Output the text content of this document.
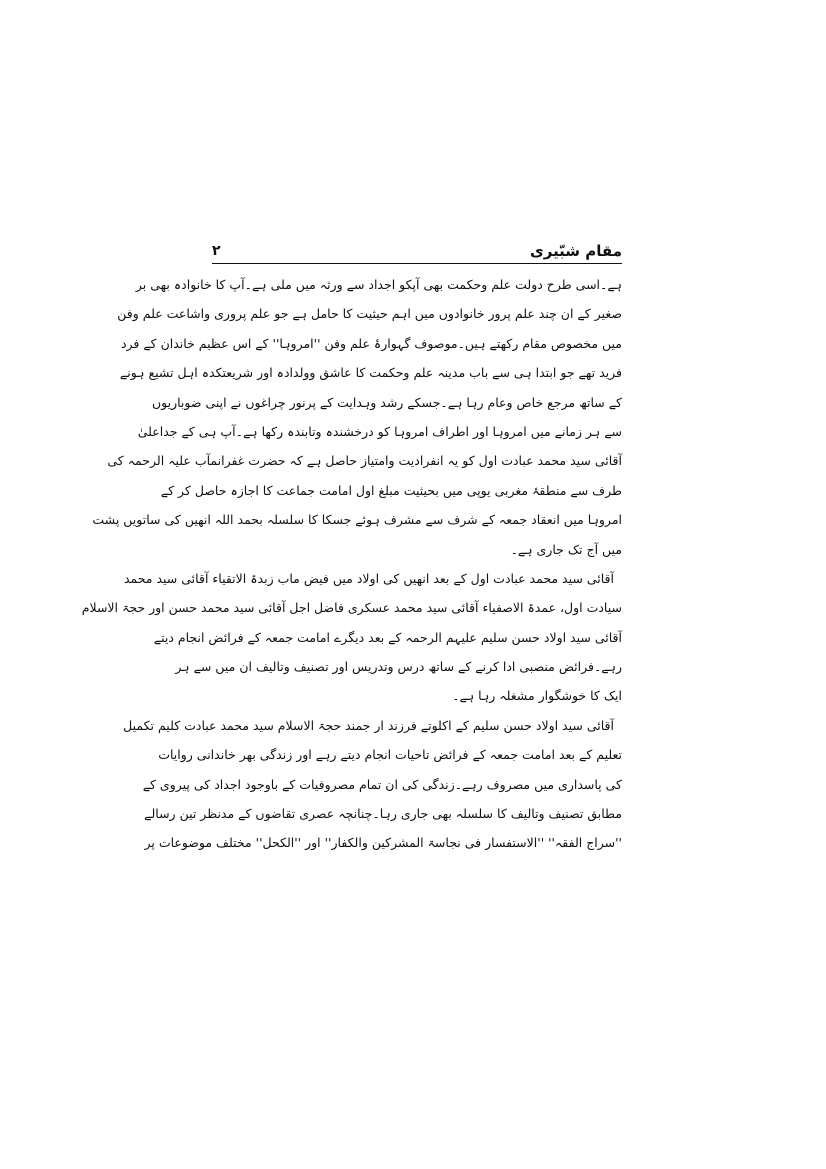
مقام شبّیری
۲
ہے۔اسی طرح دولت علم وحکمت بھی آپکو اجداد سے ورثہ میں ملی ہے۔آپ کا خانوادہ بھی بر
صغیر کے ان چند علم پرور خانوادوں میں اہم حیثیت کا حامل ہے جو علم پروری واشاعت علم وفن
میں مخصوص مقام رکھتے ہیں۔موصوف گہوارۂ علم وفن ''امروہا'' کے اس عظیم خاندان کے فرد
فرید تھے جو ابتدا ہی سے باب مدینہ علم وحکمت کا عاشق وولدادہ اور شریعتکدہ اہل تشیع ہونے
کے ساتھ مرجع خاص وعام رہا ہے۔جسکے رشد وہدایت کے پرنور چراغوں نے اپنی ضوباریوں
سے ہر زمانے میں امروہا اور اطراف امروہا کو درخشندہ وتابندہ رکھا ہے۔آپ ہی کے جداعلیٰ
آقائی سید محمد عبادت اول کو یہ انفرادیت وامتیاز حاصل ہے کہ حضرت غفرانمآب علیہ الرحمہ کی
طرف سے منطقۂ مغربی یوپی میں بحیثیت مبلغ اول امامت جماعت کا اجازہ حاصل کر کے
امروہا میں انعقاد جمعہ کے شرف سے مشرف ہوئے جسکا کا سلسلہ بحمد اللہ انھیں کی ساتویں پشت
میں آج تک جاری ہے۔
آقائی سید محمد عبادت اول کے بعد انھیں کی اولاد میں فیض ماب زبدۃ الاتقیاء آقائی سید محمد
سیادت اول، عمدۃ الاصفیاء آقائی سید محمد عسکری فاضل اجل آقائی سید محمد حسن اور حجۃ الاسلام
آقائی سید اولاد حسن سلیم علیہم الرحمہ کے بعد دیگرے امامت جمعہ کے فرائض انجام دیتے
رہے۔فرائض منصبی ادا کرنے کے ساتھ درس وتدریس اور تصنیف وتالیف ان میں سے ہر
ایک کا خوشگوار مشغلہ رہا ہے۔
آقائی سید اولاد حسن سلیم کے اکلوتے فرزند ار جمند حجۃ الاسلام سید محمد عبادت کلیم تکمیل
تعلیم کے بعد امامت جمعہ کے فرائض تاحیات انجام دیتے رہے اور زندگی بھر خاندانی روایات
کی پاسداری میں مصروف رہے۔زندگی کی ان تمام مصروفیات کے باوجود اجداد کی پیروی کے
مطابق تصنیف وتالیف کا سلسلہ بھی جاری رہا۔چنانچہ عصری تقاضوں کے مدنظر تین رسالے
''سراج الفقہ'' ''الاستفسار فی نجاسۃ المشرکین والکفار'' اور ''الکحل'' مختلف موضوعات پر
